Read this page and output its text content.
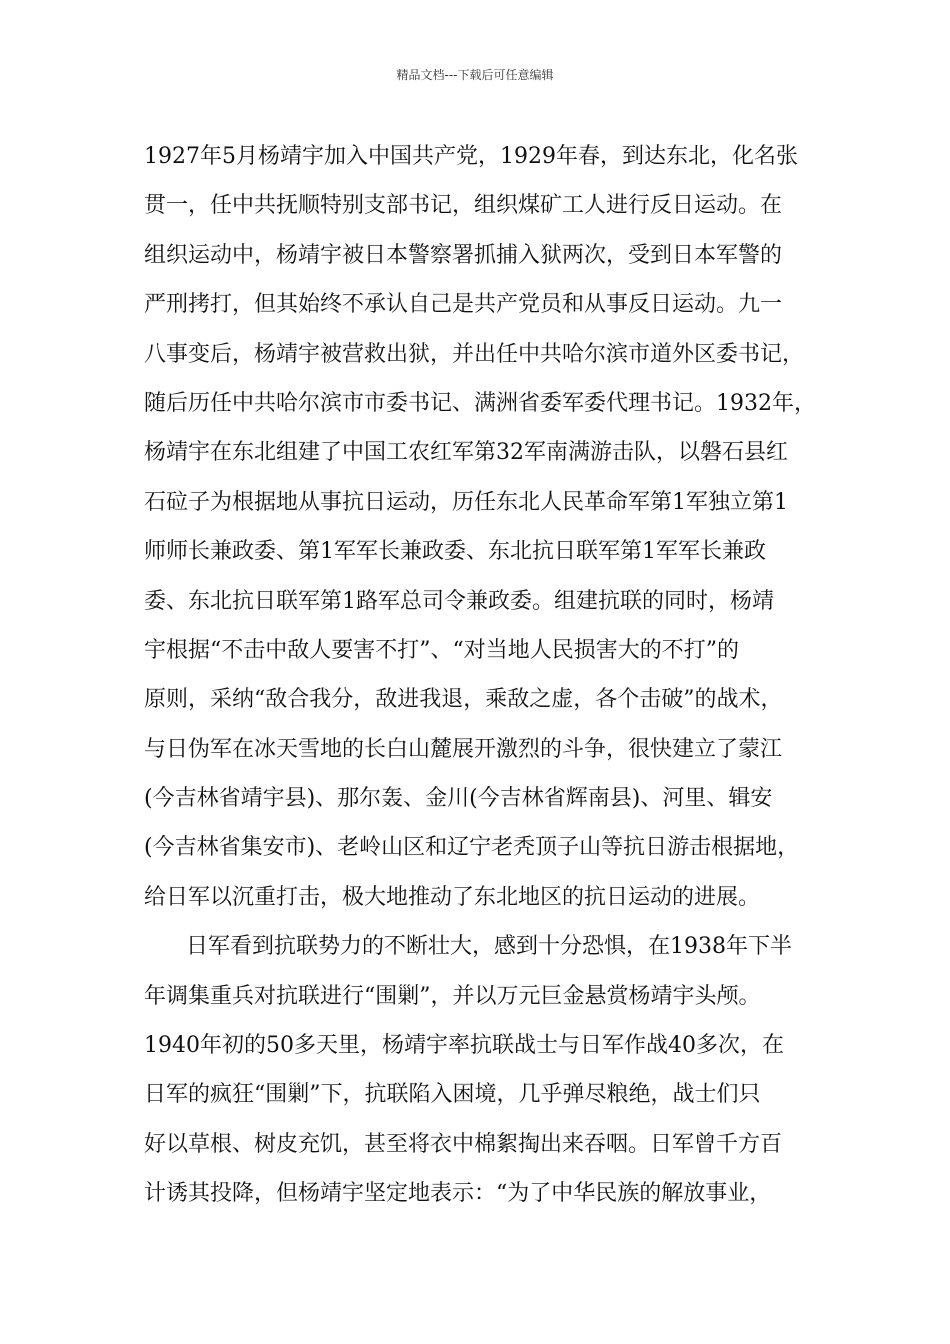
精品文档---下载后可任意编辑
1927年5月杨靖宇加入中国共产党，1929年春，到达东北，化名张
贯一，任中共抚顺特别支部书记，组织煤矿工人进行反日运动。在
组织运动中，杨靖宇被日本警察署抓捕入狱两次，受到日本军警的
严刑拷打，但其始终不承认自己是共产党员和从事反日运动。九一
八事变后，杨靖宇被营救出狱，并出任中共哈尔滨市道外区委书记，
随后历任中共哈尔滨市市委书记、满洲省委军委代理书记。1932年，
杨靖宇在东北组建了中国工农红军第32军南满游击队，以磐石县红
石砬子为根据地从事抗日运动，历任东北人民革命军第1军独立第1
师师长兼政委、第1军军长兼政委、东北抗日联军第1军军长兼政
委、东北抗日联军第1路军总司令兼政委。组建抗联的同时，杨靖
宇根据“不击中敌人要害不打”、“对当地人民损害大的不打”的
原则，采纳“敌合我分，敌进我退，乘敌之虚，各个击破”的战术，
与日伪军在冰天雪地的长白山麓展开激烈的斗争，很快建立了蒙江
(今吉林省靖宇县)、那尔轰、金川(今吉林省辉南县)、河里、辑安
(今吉林省集安市)、老岭山区和辽宁老秃顶子山等抗日游击根据地，
给日军以沉重打击，极大地推动了东北地区的抗日运动的进展。
日军看到抗联势力的不断壮大，感到十分恐惧，在1938年下半
年调集重兵对抗联进行“围剿”，并以万元巨金悬赏杨靖宇头颅。
1940年初的50多天里，杨靖宇率抗联战士与日军作战40多次，在
日军的疯狂“围剿”下，抗联陷入困境，几乎弹尽粮绝，战士们只
好以草根、树皮充饥，甚至将衣中棉絮掏出来吞咽。日军曾千方百
计诱其投降，但杨靖宇坚定地表示：“为了中华民族的解放事业，
